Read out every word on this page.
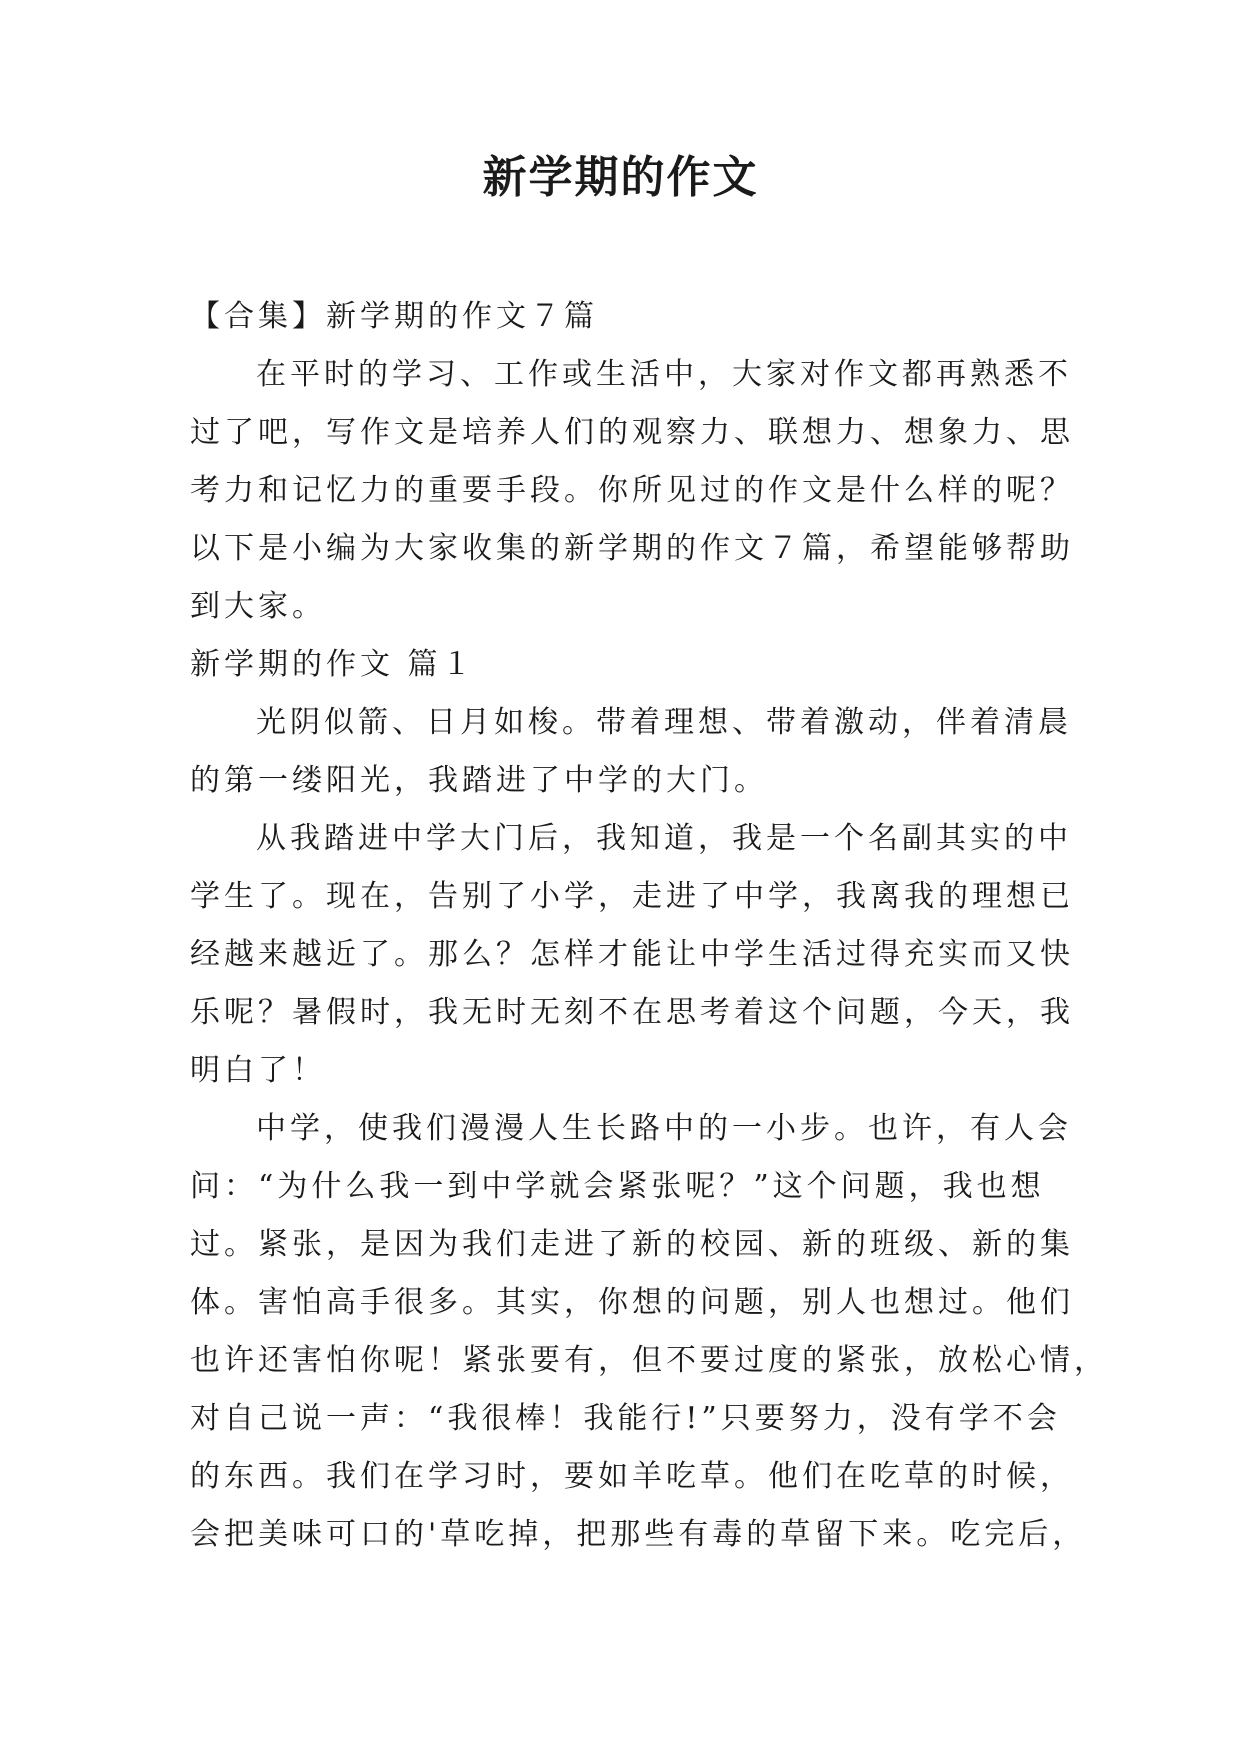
新学期的作文

【合集】新学期的作文７篇

在平时的学习、工作或生活中，大家对作文都再熟悉不

过了吧，写作文是培养人们的观察力、联想力、想象力、思

考力和记忆力的重要手段。你所见过的作文是什么样的呢？

以下是小编为大家收集的新学期的作文７篇，希望能够帮助

到大家。

新学期的作文 篇１

光阴似箭、日月如梭。带着理想、带着激动，伴着清晨

的第一缕阳光，我踏进了中学的大门。

从我踏进中学大门后，我知道，我是一个名副其实的中

学生了。现在，告别了小学，走进了中学，我离我的理想已

经越来越近了。那么？怎样才能让中学生活过得充实而又快

乐呢？暑假时，我无时无刻不在思考着这个问题，今天，我

明白了！

中学，使我们漫漫人生长路中的一小步。也许，有人会

问：“为什么我一到中学就会紧张呢？”这个问题，我也想

过。紧张，是因为我们走进了新的校园、新的班级、新的集

体。害怕高手很多。其实，你想的问题，别人也想过。他们

也许还害怕你呢！紧张要有，但不要过度的紧张，放松心情，

对自己说一声：“我很棒！我能行!”只要努力，没有学不会

的东西。我们在学习时，要如羊吃草。他们在吃草的时候，

会把美味可口的'草吃掉，把那些有毒的草留下来。吃完后，
